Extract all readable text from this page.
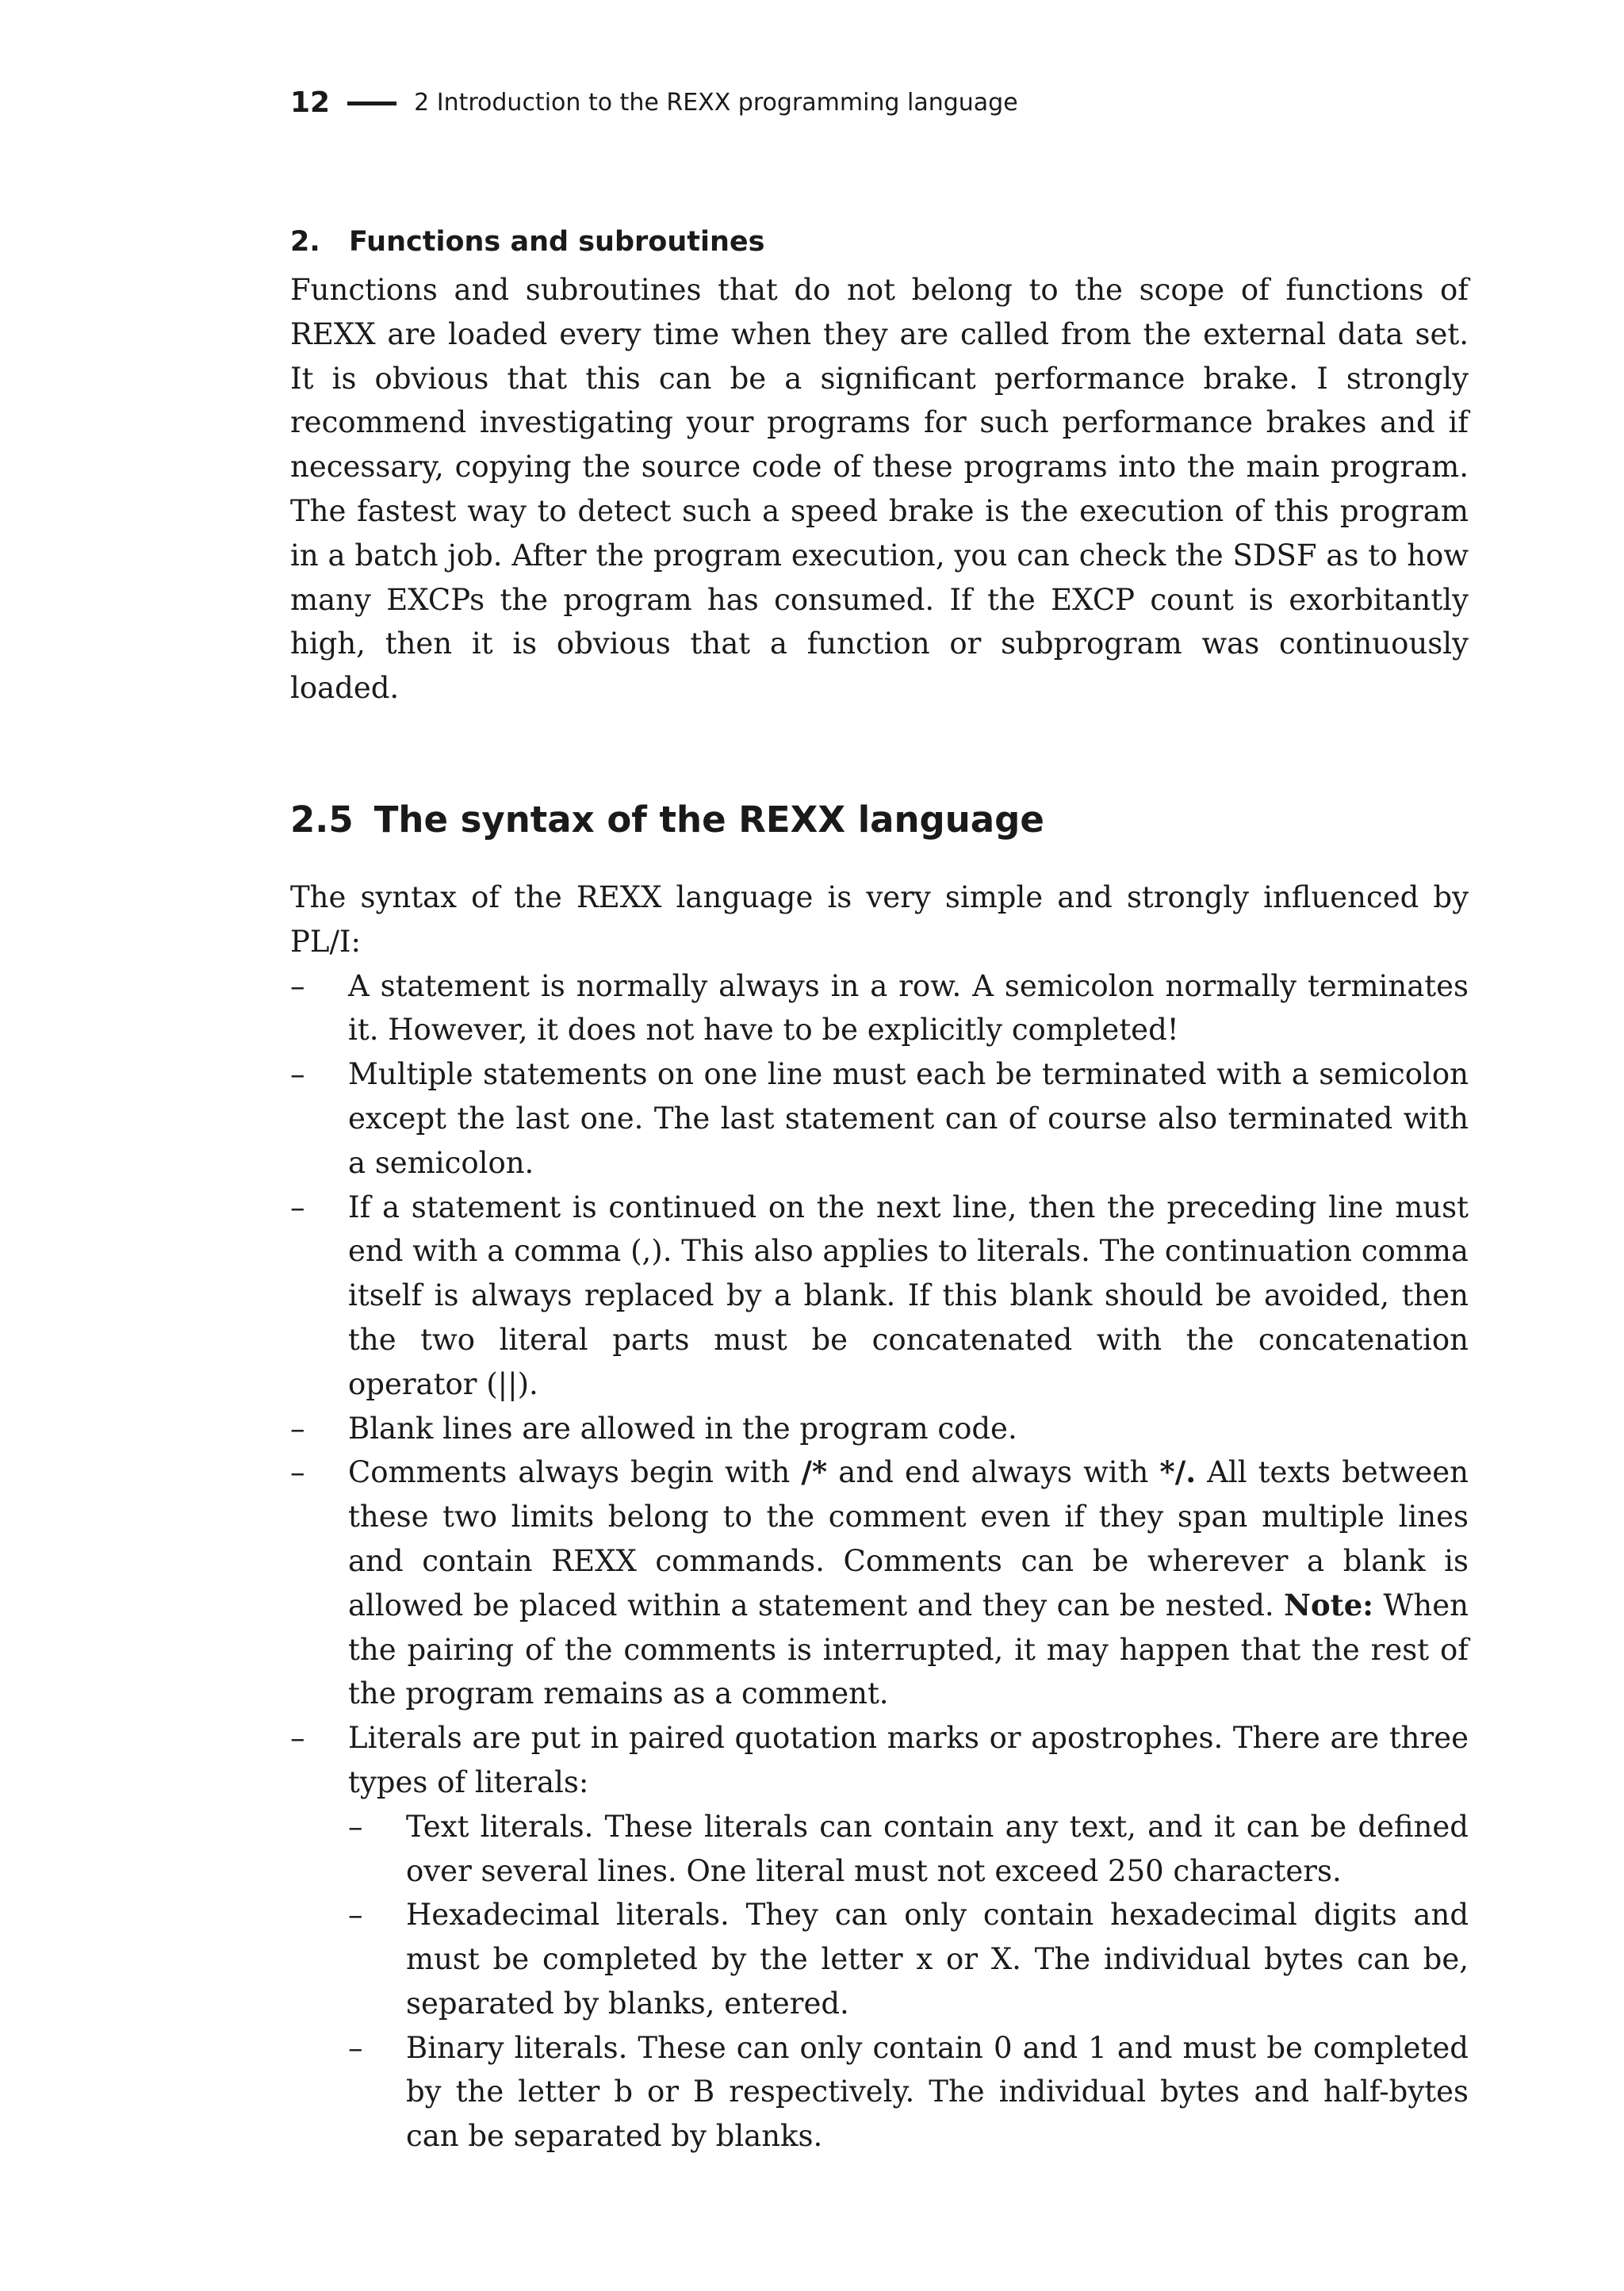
12	2 Introduction to the REXX programming language
2. Functions and subroutines

Functions and subroutines that do not belong to the scope of functions of REXX are loaded every time when they are called from the external data set. It is obvious that this can be a significant performance brake. I strongly recommend investigating your programs for such performance brakes and if necessary, copying the source code of these programs into the main program. The fastest way to detect such a speed brake is the execution of this program in a batch job. After the program execution, you can check the SDSF as to how many EXCPs the program has consumed. If the EXCP count is exorbitantly high, then it is obvious that a function or subprogram was continuously loaded.

2.5 The syntax of the REXX language

The syntax of the REXX language is very simple and strongly influenced by PL/I:

– A statement is normally always in a row. A semicolon normally terminates it. However, it does not have to be explicitly completed!
– Multiple statements on one line must each be terminated with a semicolon except the last one. The last statement can of course also terminated with a semicolon.
– If a statement is continued on the next line, then the preceding line must end with a comma (,). This also applies to literals. The continuation comma itself is always replaced by a blank. If this blank should be avoided, then the two literal parts must be concatenated with the concatenation operator (||).
– Blank lines are allowed in the program code.
– Comments always begin with /* and end always with */. All texts between these two limits belong to the comment even if they span multiple lines and contain REXX commands. Comments can be wherever a blank is allowed be placed within a statement and they can be nested. Note: When the pairing of the comments is interrupted, it may happen that the rest of the program remains as a comment.
– Literals are put in paired quotation marks or apostrophes. There are three types of literals:
– Text literals. These literals can contain any text, and it can be defined over several lines. One literal must not exceed 250 characters.
– Hexadecimal literals. They can only contain hexadecimal digits and must be completed by the letter x or X. The individual bytes can be, separated by blanks, entered.
– Binary literals. These can only contain 0 and 1 and must be completed by the letter b or B respectively. The individual bytes and half-bytes can be separated by blanks.
